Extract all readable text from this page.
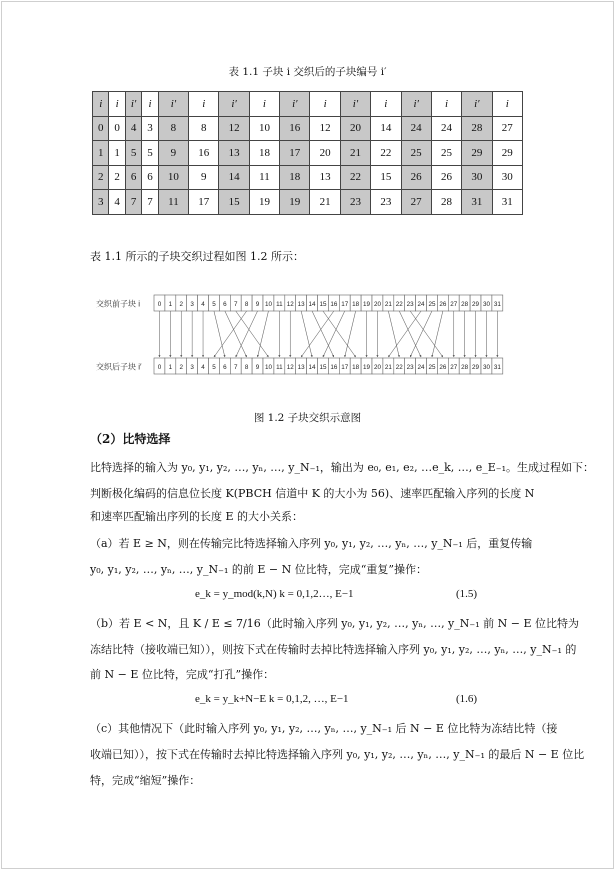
表 1.1 子块 i 交织后的子块编号 i′
i	i	i′	i	i′	i	i′	i	i′	i	i′	i	i′	i	i′	i
0	0	4	3	8	8	12	10	16	12	20	14	24	24	28	27
1	1	5	5	9	16	13	18	17	20	21	22	25	25	29	29
2	2	6	6	10	9	14	11	18	13	22	15	26	26	30	30
3	4	7	7	11	17	15	19	19	21	23	23	27	28	31	31
表 1.1 所示的子块交织过程如图 1.2 所示：
交织前子块 i
交织后子块 i′
0 1 2 3 4 5 6 7 8 9 10 11 12 13 14 15 16 17 18 19 20 21 22 23 24 25 26 27 28 29 30 31
0 1 2 3 4 5 6 7 8 9 10 11 12 13 14 15 16 17 18 19 20 21 22 23 24 25 26 27 28 29 30 31
图 1.2 子块交织示意图
（2）比特选择
比特选择的输入为 y₀, y₁, y₂, …, yₙ, …, y_N₋₁，输出为 e₀, e₁, e₂, …e_k, …, e_E₋₁。生成过程如下：
判断极化编码的信息位长度 K(PBCH 信道中 K 的大小为 56)、速率匹配输入序列的长度 N
和速率匹配输出序列的长度 E 的大小关系：
（a）若 E ≥ N，则在传输完比特选择输入序列 y₀, y₁, y₂, …, yₙ, …, y_N₋₁ 后，重复传输
y₀, y₁, y₂, …, yₙ, …, y_N₋₁ 的前 E − N 位比特，完成“重复”操作：
e_k = y_mod(k,N) k = 0,1,2…, E−1	(1.5)
（b）若 E < N，且 K / E ≤ 7/16（此时输入序列 y₀, y₁, y₂, …, yₙ, …, y_N₋₁ 前 N − E 位比特为
冻结比特（接收端已知）），则按下式在传输时去掉比特选择输入序列 y₀, y₁, y₂, …, yₙ, …, y_N₋₁ 的
前 N − E 位比特，完成“打孔”操作：
e_k = y_k+N−E k = 0,1,2, …, E−1	(1.6)
（c）其他情况下（此时输入序列 y₀, y₁, y₂, …, yₙ, …, y_N₋₁ 后 N − E 位比特为冻结比特（接
收端已知）），按下式在传输时去掉比特选择输入序列 y₀, y₁, y₂, …, yₙ, …, y_N₋₁ 的最后 N − E 位比
特，完成“缩短”操作：
